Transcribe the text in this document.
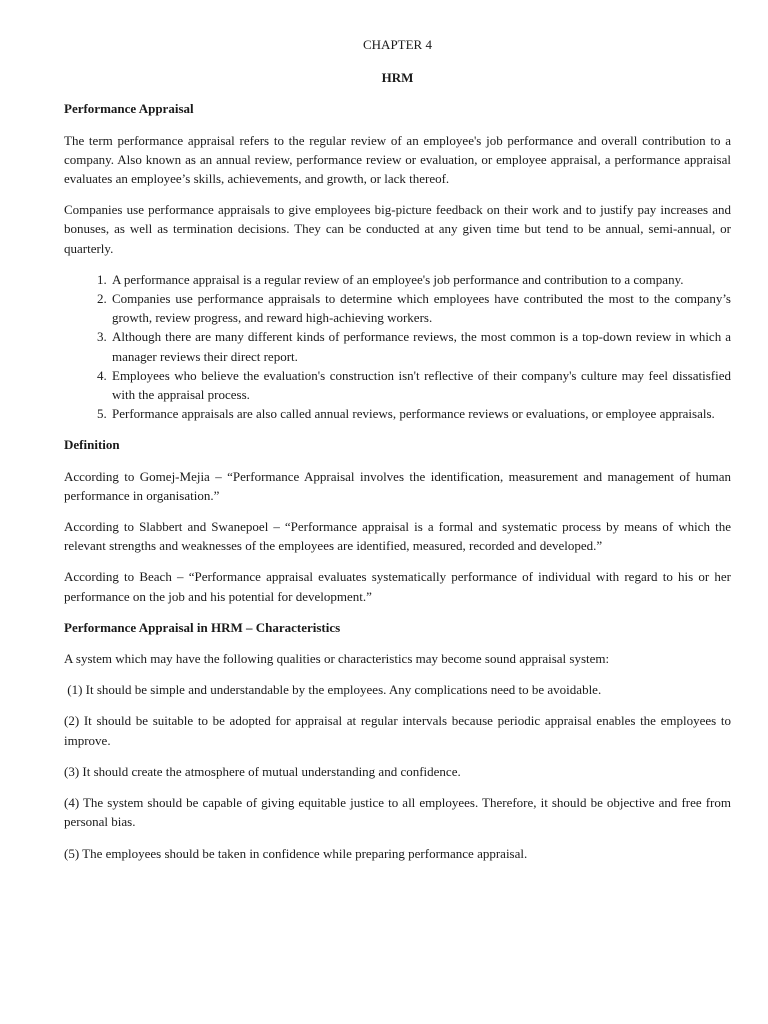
CHAPTER 4

HRM

Performance Appraisal

The term performance appraisal refers to the regular review of an employee's job performance and overall contribution to a company. Also known as an annual review, performance review or evaluation, or employee appraisal, a performance appraisal evaluates an employee’s skills, achievements, and growth, or lack thereof.

Companies use performance appraisals to give employees big-picture feedback on their work and to justify pay increases and bonuses, as well as termination decisions. They can be conducted at any given time but tend to be annual, semi-annual, or quarterly.

1. A performance appraisal is a regular review of an employee's job performance and contribution to a company.
2. Companies use performance appraisals to determine which employees have contributed the most to the company’s growth, review progress, and reward high-achieving workers.
3. Although there are many different kinds of performance reviews, the most common is a top-down review in which a manager reviews their direct report.
4. Employees who believe the evaluation's construction isn't reflective of their company's culture may feel dissatisfied with the appraisal process.
5. Performance appraisals are also called annual reviews, performance reviews or evaluations, or employee appraisals.
Definition

According to Gomej-Mejia – “Performance Appraisal involves the identification, measurement and management of human performance in organisation.”

According to Slabbert and Swanepoel – “Performance appraisal is a formal and systematic process by means of which the relevant strengths and weaknesses of the employees are identified, measured, recorded and developed.”

According to Beach – “Performance appraisal evaluates systematically performance of individual with regard to his or her performance on the job and his potential for development.”

Performance Appraisal in HRM – Characteristics

A system which may have the following qualities or characteristics may become sound appraisal system:

(1) It should be simple and understandable by the employees. Any complications need to be avoidable.

(2) It should be suitable to be adopted for appraisal at regular intervals because periodic appraisal enables the employees to improve.

(3) It should create the atmosphere of mutual understanding and confidence.

(4) The system should be capable of giving equitable justice to all employees. Therefore, it should be objective and free from personal bias.

(5) The employees should be taken in confidence while preparing performance appraisal.
